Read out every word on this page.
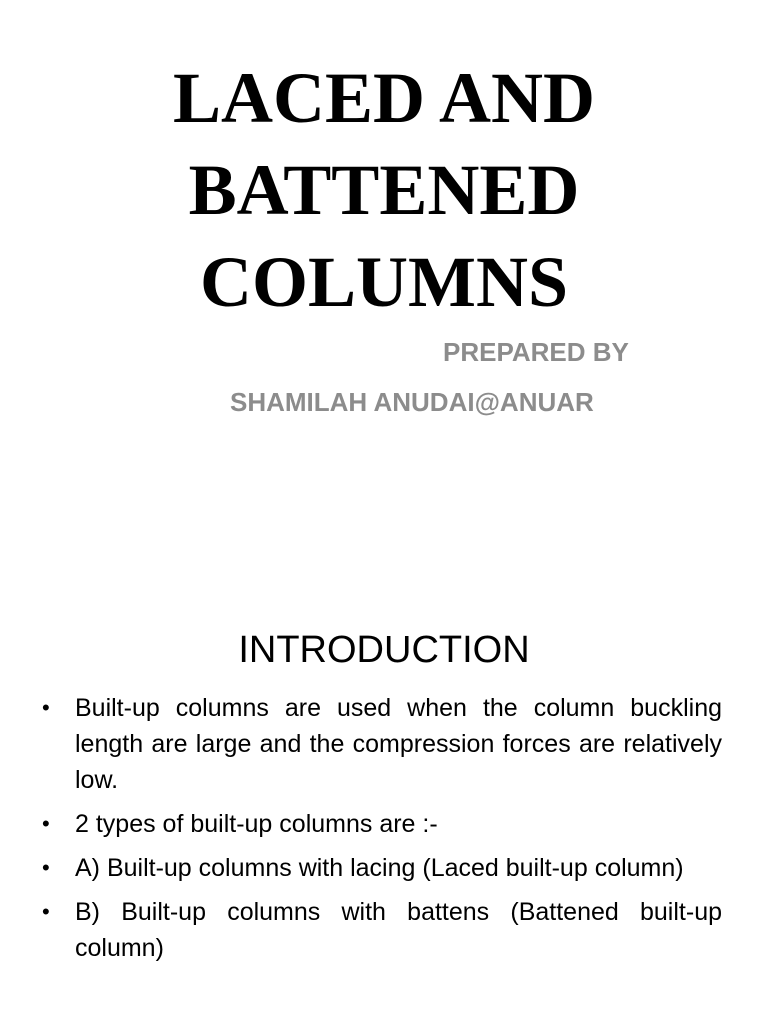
LACED AND
BATTENED
COLUMNS
PREPARED BY
SHAMILAH ANUDAI@ANUAR
INTRODUCTION
•	Built-up columns are used when the column buckling length are large and the compression forces are relatively low.
•	2 types of built-up columns are :-
•	A) Built-up columns with lacing (Laced built-up column)
•	B) Built-up columns with battens (Battened built-up column)
